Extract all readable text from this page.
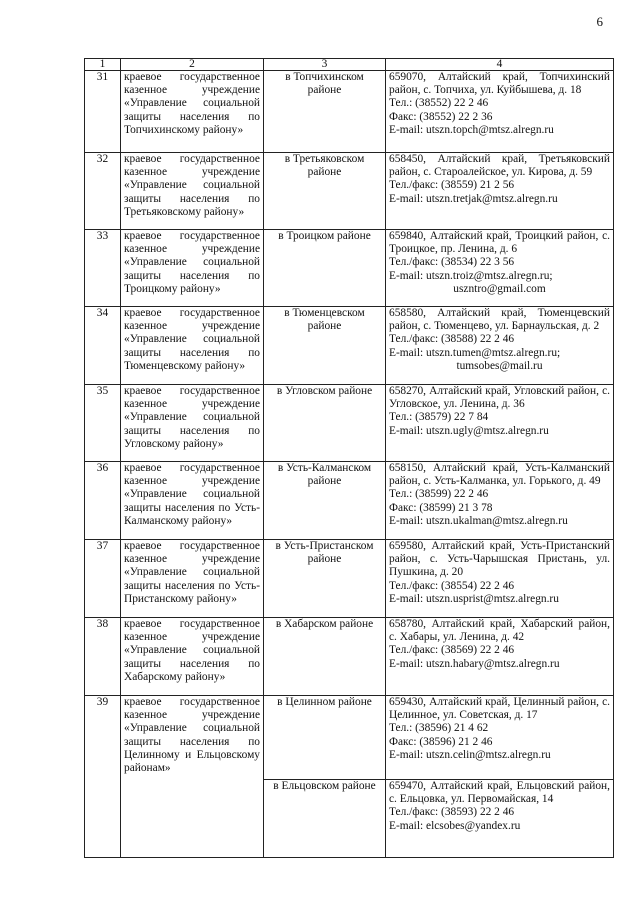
6
1	2	3	4
31	краевое государственное казенное учреждение «Управление социальной защиты населения по Топчихинскому району»	в Топчихинском районе	659070, Алтайский край, Топчихинский район, с. Топчиха, ул. Куйбышева, д. 18
Тел.: (38552) 22 2 46
Факс: (38552) 22 2 36
E-mail: utszn.topch@mtsz.alregn.ru

32	краевое государственное казенное учреждение «Управление социальной защиты населения по Третьяковскому району»	в Третьяковском районе	658450, Алтайский край, Третьяковский район, с. Староалейское, ул. Кирова, д. 59
Тел./факс: (38559) 21 2 56
E-mail: utszn.tretjak@mtsz.alregn.ru

33	краевое государственное казенное учреждение «Управление социальной защиты населения по Троицкому району»	в Троицком районе	659840, Алтайский край, Троицкий район, с. Троицкое, пр. Ленина, д. 6
Тел./факс: (38534) 22 3 56
E-mail: utszn.troiz@mtsz.alregn.ru;
uszntro@gmail.com

34	краевое государственное казенное учреждение «Управление социальной защиты населения по Тюменцевскому району»	в Тюменцевском районе	658580, Алтайский край, Тюменцевский район, с. Тюменцево, ул. Барнаульская, д. 2
Тел./факс: (38588) 22 2 46
E-mail: utszn.tumen@mtsz.alregn.ru;
tumsobes@mail.ru

35	краевое государственное казенное учреждение «Управление социальной защиты населения по Угловскому району»	в Угловском районе	658270, Алтайский край, Угловский район, с. Угловское, ул. Ленина, д. 36
Тел.: (38579) 22 7 84
E-mail: utszn.ugly@mtsz.alregn.ru

36	краевое государственное казенное учреждение «Управление социальной защиты населения по Усть-Калманскому району»	в Усть-Калманском районе	658150, Алтайский край, Усть-Калманский район, с. Усть-Калманка, ул. Горького, д. 49
Тел.: (38599) 22 2 46
Факс: (38599) 21 3 78
E-mail: utszn.ukalman@mtsz.alregn.ru

37	краевое государственное казенное учреждение «Управление социальной защиты населения по Усть-Пристанскому району»	в Усть-Пристанском районе	659580, Алтайский край, Усть-Пристанский район, с. Усть-Чарышская Пристань, ул. Пушкина, д. 20
Тел./факс: (38554) 22 2 46
E-mail: utszn.usprist@mtsz.alregn.ru

38	краевое государственное казенное учреждение «Управление социальной защиты населения по Хабарскому району»	в Хабарском районе	658780, Алтайский край, Хабарский район, с. Хабары, ул. Ленина, д. 42
Тел./факс: (38569) 22 2 46
E-mail: utszn.habary@mtsz.alregn.ru

39	краевое государственное казенное учреждение «Управление социальной защиты населения по Целинному и Ельцовскому районам»	в Целинном районе	659430, Алтайский край, Целинный район, с. Целинное, ул. Советская, д. 17
Тел.: (38596) 21 4 62
Факс: (38596) 21 2 46
E-mail: utszn.celin@mtsz.alregn.ru

		в Ельцовском районе	659470, Алтайский край, Ельцовский район, с. Ельцовка, ул. Первомайская, 14
Тел./факс: (38593) 22 2 46
E-mail: elcsobes@yandex.ru
